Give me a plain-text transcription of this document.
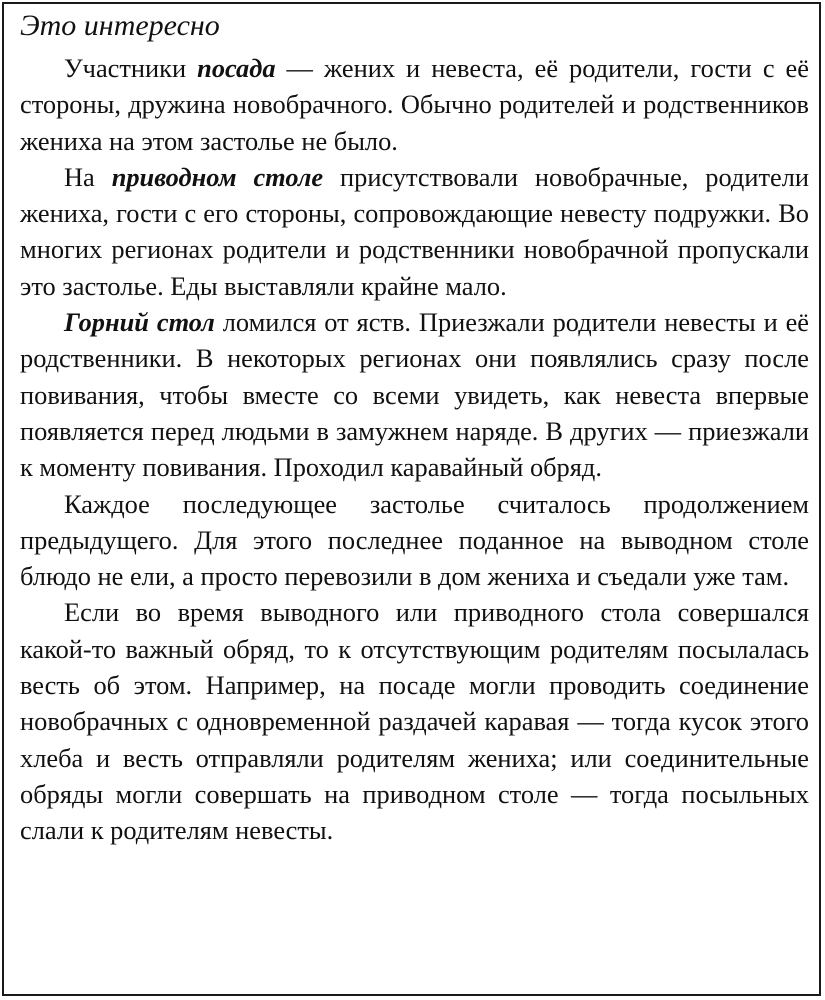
Это интересно

Участники посада — жених и невеста, её родители, гости с её стороны, дружина новобрачного. Обычно родителей и родственников жениха на этом застолье не было.

На приводном столе присутствовали новобрачные, родители жениха, гости с его стороны, сопровождающие невесту подружки. Во многих регионах родители и родственники новобрачной пропускали это застолье. Еды выставляли крайне мало.

Горний стол ломился от яств. Приезжали родители невесты и её родственники. В некоторых регионах они появлялись сразу после повивания, чтобы вместе со всеми увидеть, как невеста впервые появляется перед людьми в замужнем наряде. В других — приезжали к моменту повивания. Проходил каравайный обряд.

Каждое последующее застолье считалось продолжением предыдущего. Для этого последнее поданное на выводном столе блюдо не ели, а просто перевозили в дом жениха и съедали уже там.

Если во время выводного или приводного стола совершался какой-то важный обряд, то к отсутствующим родителям посылалась весть об этом. Например, на посаде могли проводить соединение новобрачных с одновременной раздачей каравая — тогда кусок этого хлеба и весть отправляли родителям жениха; или соединительные обряды могли совершать на приводном столе — тогда посыльных слали к родителям невесты.
